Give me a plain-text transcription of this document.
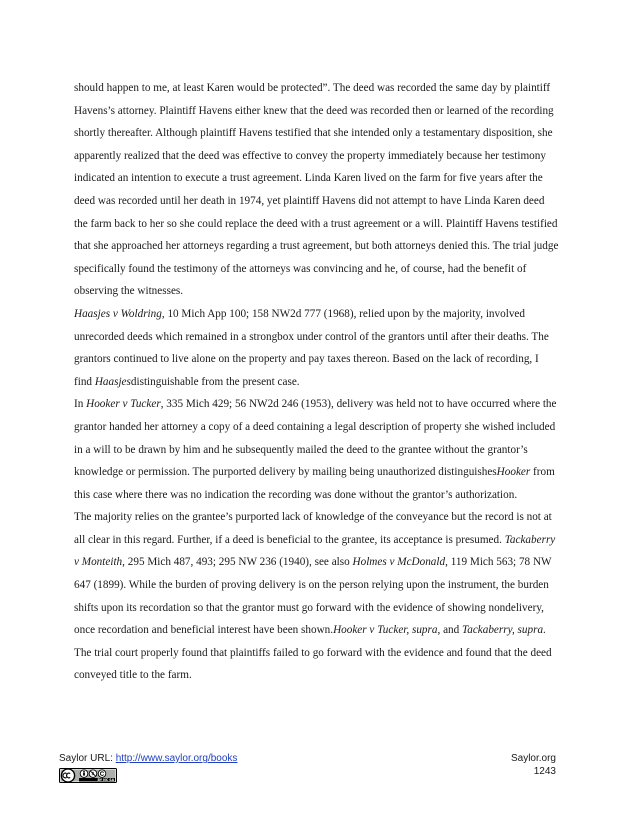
should happen to me, at least Karen would be protected”. The deed was recorded the same day by plaintiff Havens’s attorney. Plaintiff Havens either knew that the deed was recorded then or learned of the recording shortly thereafter. Although plaintiff Havens testified that she intended only a testamentary disposition, she apparently realized that the deed was effective to convey the property immediately because her testimony indicated an intention to execute a trust agreement. Linda Karen lived on the farm for five years after the deed was recorded until her death in 1974, yet plaintiff Havens did not attempt to have Linda Karen deed the farm back to her so she could replace the deed with a trust agreement or a will. Plaintiff Havens testified that she approached her attorneys regarding a trust agreement, but both attorneys denied this. The trial judge specifically found the testimony of the attorneys was convincing and he, of course, had the benefit of observing the witnesses.

Haasjes v Woldring, 10 Mich App 100; 158 NW2d 777 (1968), relied upon by the majority, involved unrecorded deeds which remained in a strongbox under control of the grantors until after their deaths. The grantors continued to live alone on the property and pay taxes thereon. Based on the lack of recording, I find Haasjesdistinguishable from the present case.

In Hooker v Tucker, 335 Mich 429; 56 NW2d 246 (1953), delivery was held not to have occurred where the grantor handed her attorney a copy of a deed containing a legal description of property she wished included in a will to be drawn by him and he subsequently mailed the deed to the grantee without the grantor’s knowledge or permission. The purported delivery by mailing being unauthorized distinguishesHooker from this case where there was no indication the recording was done without the grantor’s authorization.

The majority relies on the grantee’s purported lack of knowledge of the conveyance but the record is not at all clear in this regard. Further, if a deed is beneficial to the grantee, its acceptance is presumed. Tackaberry v Monteith, 295 Mich 487, 493; 295 NW 236 (1940), see also Holmes v McDonald, 119 Mich 563; 78 NW 647 (1899). While the burden of proving delivery is on the person relying upon the instrument, the burden shifts upon its recordation so that the grantor must go forward with the evidence of showing nondelivery, once recordation and beneficial interest have been shown.Hooker v Tucker, supra, and Tackaberry, supra. The trial court properly found that plaintiffs failed to go forward with the evidence and found that the deed conveyed title to the farm.

Saylor URL: http://www.saylor.org/books	Saylor.org
1243
BY NC SA
